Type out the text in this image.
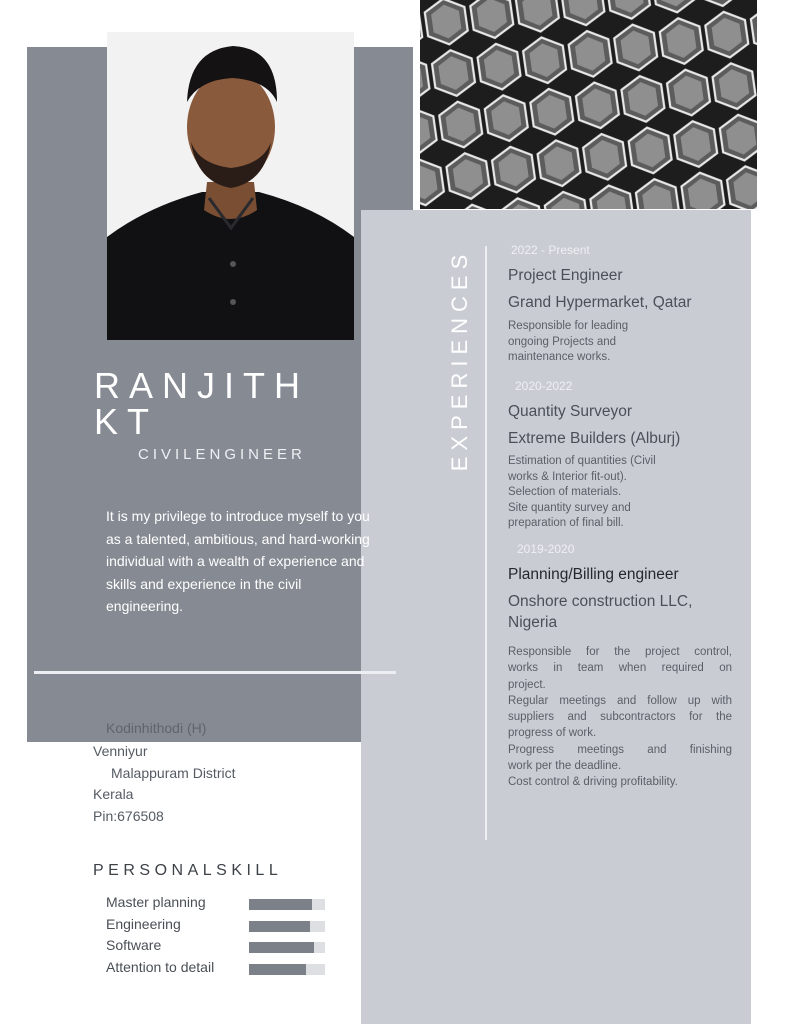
RANJITH
KT
CIVILENGINEER
It is my privilege to introduce myself to you as a talented, ambitious, and hard-working individual with a wealth of experience and skills and experience in the civil engineering.
Kodinhithodi (H)
Venniyur
Malappuram District
Kerala
Pin:676508
PERSONALSKILL
Master planning
Engineering
Software
Attention to detail
EXPERIENCES	2022 - Present
Project Engineer
Grand Hypermarket, Qatar
Responsible for leading
ongoing Projects and
maintenance works.
2020-2022
Quantity Surveyor
Extreme Builders (Alburj)
Estimation of quantities (Civil
works & Interior fit-out).
Selection of materials.
Site quantity survey and
preparation of final bill.
2019-2020
Planning/Billing engineer
Onshore construction LLC,
Nigeria
Responsible for the project control,
works in team when required on
project.
Regular meetings and follow up with
suppliers and subcontractors for the
progress of work.
Progress meetings and finishing
work per the deadline.
Cost control & driving profitability.
